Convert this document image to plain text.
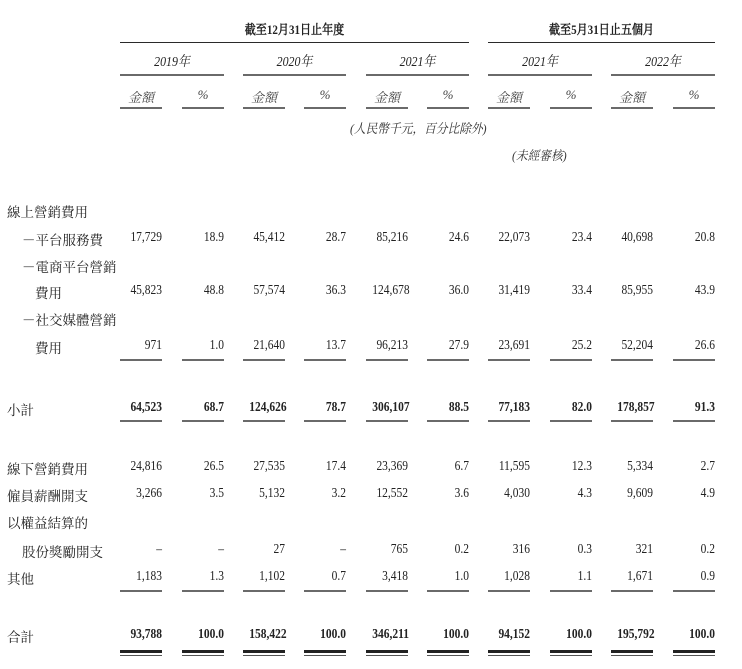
截至12月31日止年度	截至5月31日止五個月
2019年	2020年	2021年	2021年	2022年
金額	%	金額	%	金額	%	金額	%	金額	%
(人民幣千元，百分比除外)
(未經審核)
線上營銷費用
－平台服務費	17,729	18.9	45,412	28.7	85,216	24.6	22,073	23.4	40,698	20.8
－電商平台營銷
費用	45,823	48.8	57,574	36.3 124,678	36.0	31,419	33.4	85,955	43.9
－社交媒體營銷
費用	971	1.0	21,640	13.7	96,213	27.9	23,691	25.2	52,204	26.6
小計	64,523	68.7 124,626	78.7 306,107	88.5	77,183	82.0 178,857	91.3
線下營銷費用	24,816	26.5	27,535	17.4	23,369	6.7	11,595	12.3	5,334	2.7
僱員薪酬開支	3,266	3.5	5,132	3.2	12,552	3.6	4,030	4.3	9,609	4.9
以權益結算的
股份獎勵開支	–	–	27	–	765	0.2	316	0.3	321	0.2
其他	1,183	1.3	1,102	0.7	3,418	1.0	1,028	1.1	1,671	0.9
合計	93,788	100.0 158,422	100.0 346,211	100.0	94,152	100.0 195,792	100.0
